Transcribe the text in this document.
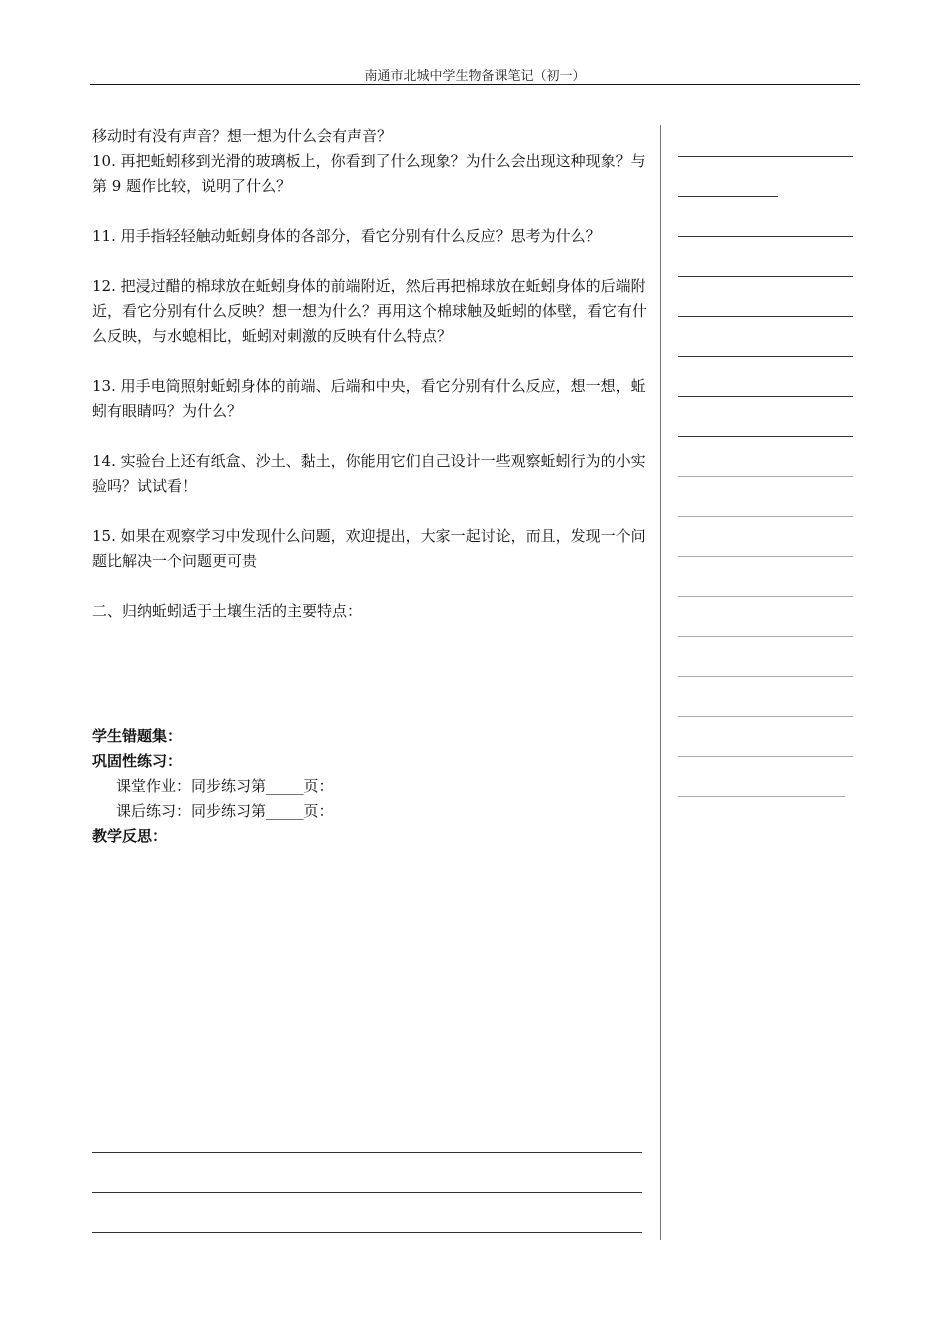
南通市北城中学生物备课笔记（初一）

移动时有没有声音？想一想为什么会有声音？

10. 再把蚯蚓移到光滑的玻璃板上，你看到了什么现象？为什么会出现这种现象？与第 9 题作比较，说明了什么？

11. 用手指轻轻触动蚯蚓身体的各部分，看它分别有什么反应？思考为什么？

12. 把浸过醋的棉球放在蚯蚓身体的前端附近，然后再把棉球放在蚯蚓身体的后端附近，看它分别有什么反映？想一想为什么？再用这个棉球触及蚯蚓的体壁，看它有什么反映，与水螅相比，蚯蚓对刺激的反映有什么特点？

13. 用手电筒照射蚯蚓身体的前端、后端和中央，看它分别有什么反应，想一想，蚯蚓有眼睛吗？为什么？

14. 实验台上还有纸盒、沙土、黏土，你能用它们自己设计一些观察蚯蚓行为的小实验吗？试试看！

15. 如果在观察学习中发现什么问题，欢迎提出，大家一起讨论，而且，发现一个问题比解决一个问题更可贵

二、归纳蚯蚓适于土壤生活的主要特点：

学生错题集：

巩固性练习：

课堂作业：同步练习第_____页：

课后练习：同步练习第_____页：

教学反思：
